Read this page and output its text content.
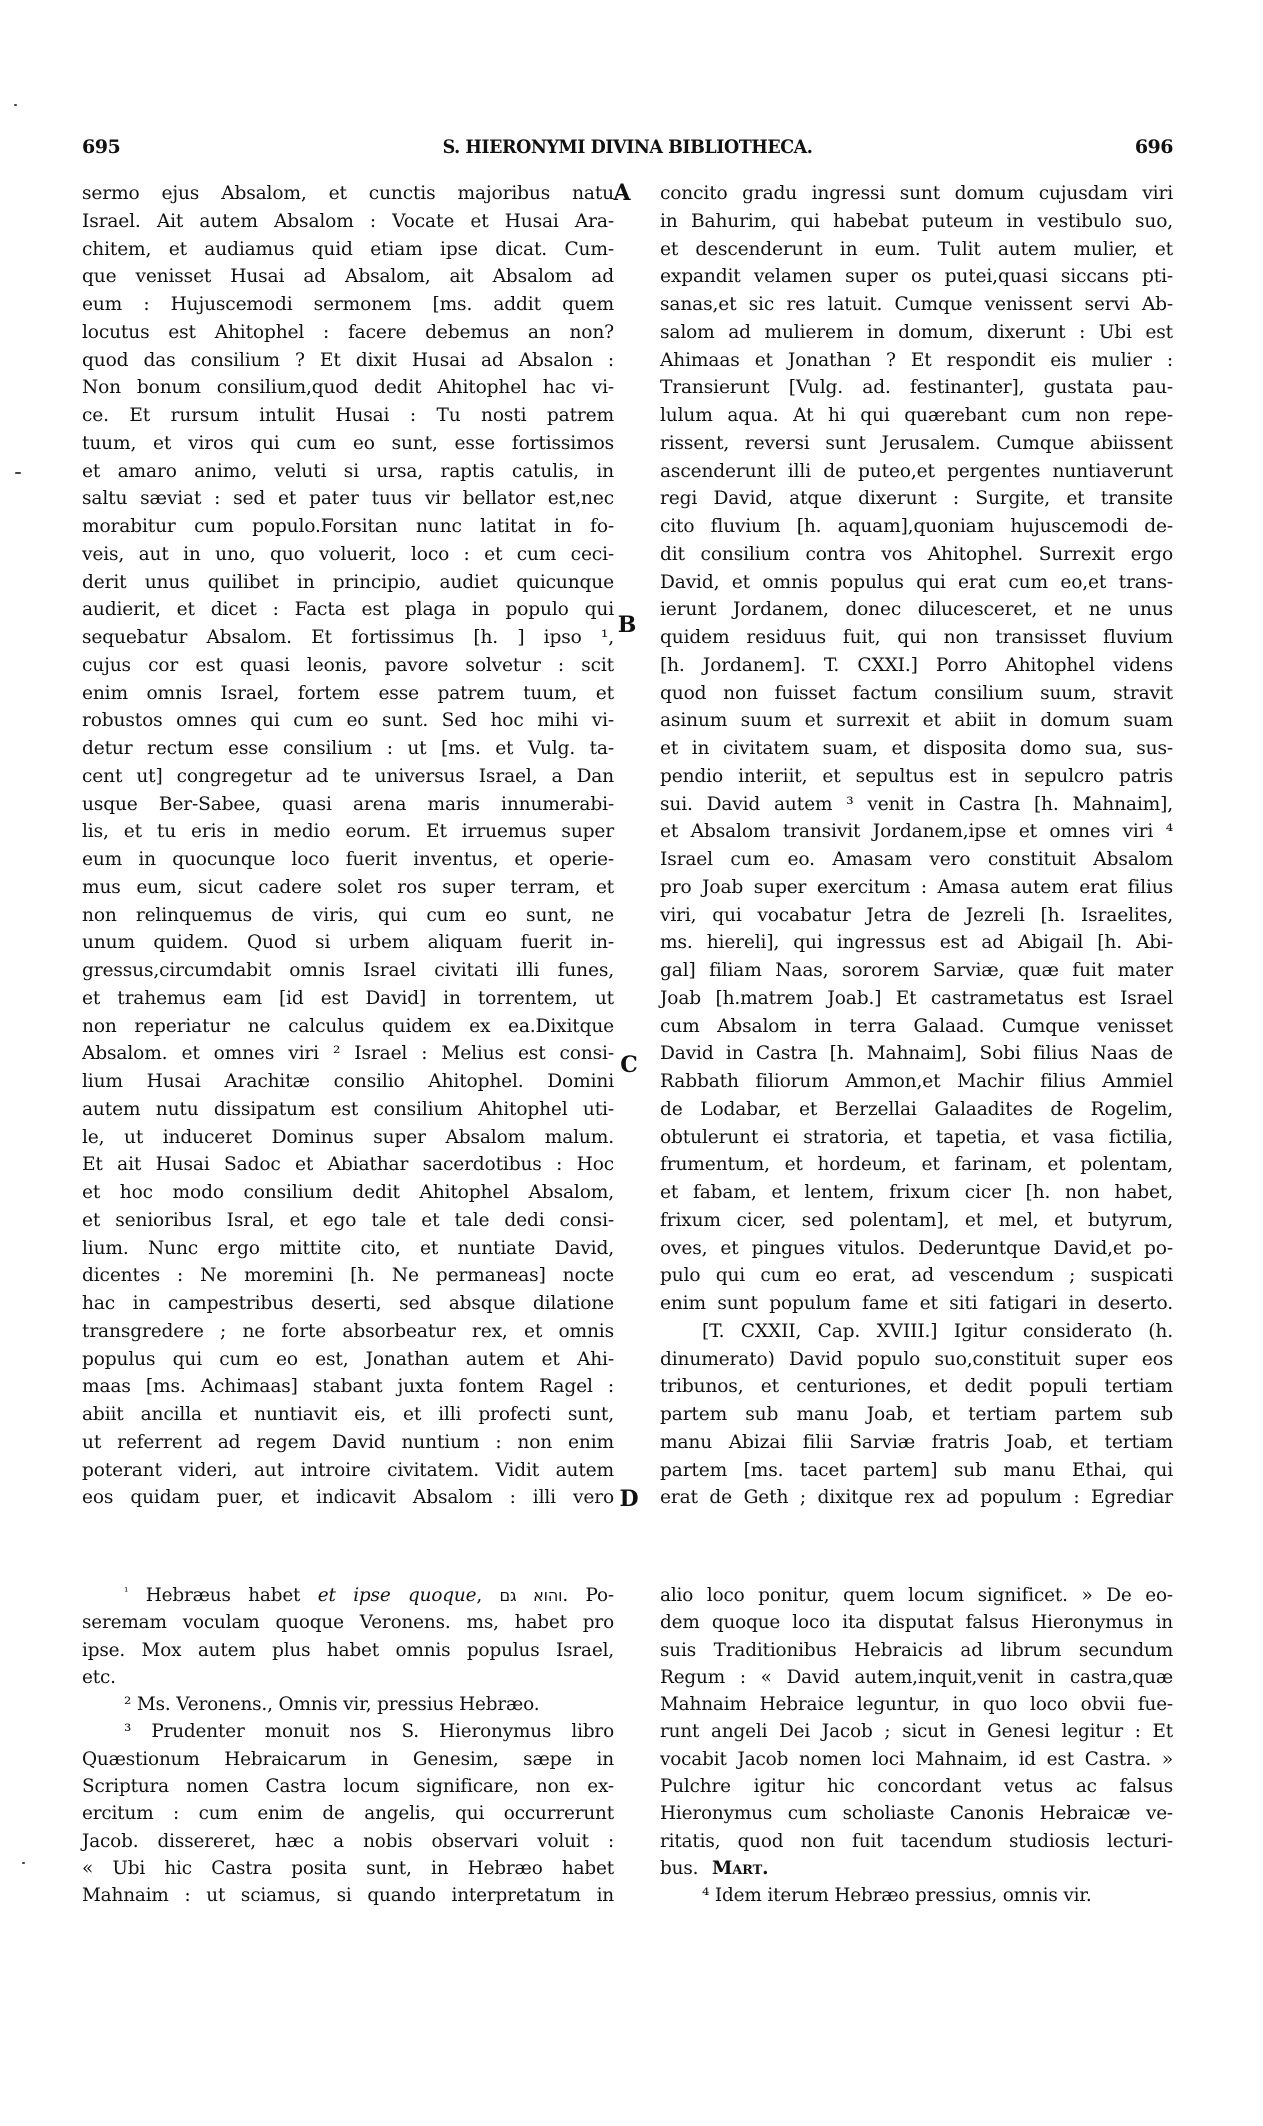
695	S. HIERONYMI DIVINA BIBLIOTHECA.	696
A
B
C
D
sermo ejus Absalom, et cunctis majoribus natu
Israel. Ait autem Absalom : Vocate et Husai Ara-
chitem, et audiamus quid etiam ipse dicat. Cum-
que venisset Husai ad Absalom, ait Absalom ad
eum : Hujuscemodi sermonem [ms. addit quem
locutus est Ahitophel : facere debemus an non?
quod das consilium ? Et dixit Husai ad Absalon :
Non bonum consilium,quod dedit Ahitophel hac vi-
ce. Et rursum intulit Husai : Tu nosti patrem
tuum, et viros qui cum eo sunt, esse fortissimos
et amaro animo, veluti si ursa, raptis catulis, in
saltu sæviat : sed et pater tuus vir bellator est,nec
morabitur cum populo.Forsitan nunc latitat in fo-
veis, aut in uno, quo voluerit, loco : et cum ceci-
derit unus quilibet in principio, audiet quicunque
audierit, et dicet : Facta est plaga in populo qui
sequebatur Absalom. Et fortissimus [h. ] ipso ¹,
cujus cor est quasi leonis, pavore solvetur : scit
enim omnis Israel, fortem esse patrem tuum, et
robustos omnes qui cum eo sunt. Sed hoc mihi vi-
detur rectum esse consilium : ut [ms. et Vulg. ta-
cent ut] congregetur ad te universus Israel, a Dan
usque Ber-Sabee, quasi arena maris innumerabi-
lis, et tu eris in medio eorum. Et irruemus super
eum in quocunque loco fuerit inventus, et operie-
mus eum, sicut cadere solet ros super terram, et
non relinquemus de viris, qui cum eo sunt, ne
unum quidem. Quod si urbem aliquam fuerit in-
gressus,circumdabit omnis Israel civitati illi funes,
et trahemus eam [id est David] in torrentem, ut
non reperiatur ne calculus quidem ex ea.Dixitque
Absalom. et omnes viri ² Israel : Melius est consi-
lium Husai Arachitæ consilio Ahitophel. Domini
autem nutu dissipatum est consilium Ahitophel uti-
le, ut induceret Dominus super Absalom malum.
Et ait Husai Sadoc et Abiathar sacerdotibus : Hoc
et hoc modo consilium dedit Ahitophel Absalom,
et senioribus Isral, et ego tale et tale dedi consi-
lium. Nunc ergo mittite cito, et nuntiate David,
dicentes : Ne moremini [h. Ne permaneas] nocte
hac in campestribus deserti, sed absque dilatione
transgredere ; ne forte absorbeatur rex, et omnis
populus qui cum eo est, Jonathan autem et Ahi-
maas [ms. Achimaas] stabant juxta fontem Ragel :
abiit ancilla et nuntiavit eis, et illi profecti sunt,
ut referrent ad regem David nuntium : non enim
poterant videri, aut introire civitatem. Vidit autem
eos quidam puer, et indicavit Absalom : illi vero
concito gradu ingressi sunt domum cujusdam viri
in Bahurim, qui habebat puteum in vestibulo suo,
et descenderunt in eum. Tulit autem mulier, et
expandit velamen super os putei,quasi siccans pti-
sanas,et sic res latuit. Cumque venissent servi Ab-
salom ad mulierem in domum, dixerunt : Ubi est
Ahimaas et Jonathan ? Et respondit eis mulier :
Transierunt [Vulg. ad. festinanter], gustata pau-
lulum aqua. At hi qui quærebant cum non repe-
rissent, reversi sunt Jerusalem. Cumque abiissent
ascenderunt illi de puteo,et pergentes nuntiaverunt
regi David, atque dixerunt : Surgite, et transite
cito fluvium [h. aquam],quoniam hujuscemodi de-
dit consilium contra vos Ahitophel. Surrexit ergo
David, et omnis populus qui erat cum eo,et trans-
ierunt Jordanem, donec dilucesceret, et ne unus
quidem residuus fuit, qui non transisset fluvium
[h. Jordanem]. T. CXXI.] Porro Ahitophel videns
quod non fuisset factum consilium suum, stravit
asinum suum et surrexit et abiit in domum suam
et in civitatem suam, et disposita domo sua, sus-
pendio interiit, et sepultus est in sepulcro patris
sui. David autem ³ venit in Castra [h. Mahnaim],
et Absalom transivit Jordanem,ipse et omnes viri ⁴
Israel cum eo. Amasam vero constituit Absalom
pro Joab super exercitum : Amasa autem erat filius
viri, qui vocabatur Jetra de Jezreli [h. Israelites,
ms. hiereli], qui ingressus est ad Abigail [h. Abi-
gal] filiam Naas, sororem Sarviæ, quæ fuit mater
Joab [h.matrem Joab.] Et castrametatus est Israel
cum Absalom in terra Galaad. Cumque venisset
David in Castra [h. Mahnaim], Sobi filius Naas de
Rabbath filiorum Ammon,et Machir filius Ammiel
de Lodabar, et Berzellai Galaadites de Rogelim,
obtulerunt ei stratoria, et tapetia, et vasa fictilia,
frumentum, et hordeum, et farinam, et polentam,
et fabam, et lentem, frixum cicer [h. non habet,
frixum cicer, sed polentam], et mel, et butyrum,
oves, et pingues vitulos. Dederuntque David,et po-
pulo qui cum eo erat, ad vescendum ; suspicati
enim sunt populum fame et siti fatigari in deserto.
[T. CXXII, Cap. XVIII.] Igitur considerato (h.
dinumerato) David populo suo,constituit super eos
tribunos, et centuriones, et dedit populi tertiam
partem sub manu Joab, et tertiam partem sub
manu Abizai filii Sarviæ fratris Joab, et tertiam
partem [ms. tacet partem] sub manu Ethai, qui
erat de Geth ; dixitque rex ad populum : Egrediar
$^{^1}$ Hebræus habet et ipse quoque, והוא גם. Po-
seremam voculam quoque Veronens. ms, habet pro
ipse. Mox autem plus habet omnis populus Israel,
etc.
² Ms. Veronens., Omnis vir, pressius Hebræo.
³ Prudenter monuit nos S. Hieronymus libro
Quæstionum Hebraicarum in Genesim, sæpe in
Scriptura nomen Castra locum significare, non ex-
ercitum : cum enim de angelis, qui occurrerunt
Jacob. dissereret, hæc a nobis observari voluit :
« Ubi hic Castra posita sunt, in Hebræo habet
Mahnaim : ut sciamus, si quando interpretatum in
alio loco ponitur, quem locum significet. » De eo-
dem quoque loco ita disputat falsus Hieronymus in
suis Traditionibus Hebraicis ad librum secundum
Regum : « David autem,inquit,venit in castra,quæ
Mahnaim Hebraice leguntur, in quo loco obvii fue-
runt angeli Dei Jacob ; sicut in Genesi legitur : Et
vocabit Jacob nomen loci Mahnaim, id est Castra. »
Pulchre igitur hic concordant vetus ac falsus
Hieronymus cum scholiaste Canonis Hebraicæ ve-
ritatis, quod non fuit tacendum studiosis lecturi-
bus. Mart.
⁴ Idem iterum Hebræo pressius, omnis vir.
